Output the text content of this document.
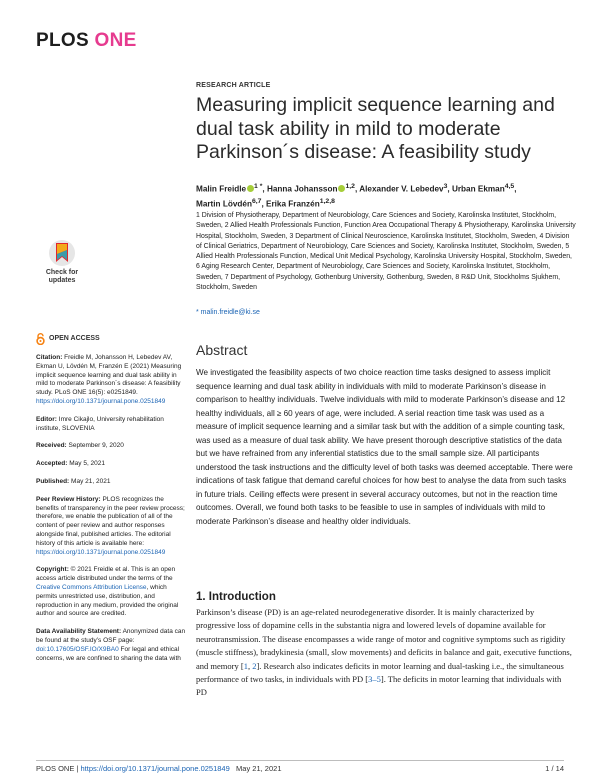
PLOS ONE
Check for updates
OPEN ACCESS

Citation: Freidle M, Johansson H, Lebedev AV, Ekman U, Lövdén M, Franzén E (2021) Measuring implicit sequence learning and dual task ability in mild to moderate Parkinson´s disease: A feasibility study. PLoS ONE 16(5): e0251849. https://doi.org/10.1371/journal.pone.0251849

Editor: Imre Cikajlo, University rehabilitation institute, SLOVENIA

Received: September 9, 2020

Accepted: May 5, 2021

Published: May 21, 2021

Peer Review History: PLOS recognizes the benefits of transparency in the peer review process; therefore, we enable the publication of all of the content of peer review and author responses alongside final, published articles. The editorial history of this article is available here: https://doi.org/10.1371/journal.pone.0251849

Copyright: © 2021 Freidle et al. This is an open access article distributed under the terms of the Creative Commons Attribution License, which permits unrestricted use, distribution, and reproduction in any medium, provided the original author and source are credited.

Data Availability Statement: Anonymized data can be found at the study’s OSF page: doi:10.17605/OSF.IO/X9BA0 For legal and ethical concerns, we are confined to sharing the data with

RESEARCH ARTICLE
Measuring implicit sequence learning and dual task ability in mild to moderate Parkinson´s disease: A feasibility study
Malin Freidle $^{1 *}$, Hanna Johansson $^{1,2}$, Alexander V. Lebedev$^3$, Urban Ekman$^{4,5}$,
Martin Lövdén$^{6,7}$, Erika Franzén$^{1,2,8}$
1 Division of Physiotherapy, Department of Neurobiology, Care Sciences and Society, Karolinska Institutet, Stockholm, Sweden, 2 Allied Health Professionals Function, Function Area Occupational Therapy & Physiotherapy, Karolinska University Hospital, Stockholm, Sweden, 3 Department of Clinical Neuroscience, Karolinska Institutet, Stockholm, Sweden, 4 Division of Clinical Geriatrics, Department of Neurobiology, Care Sciences and Society, Karolinska Institutet, Stockholm, Sweden, 5 Allied Health Professionals Function, Medical Unit Medical Psychology, Karolinska University Hospital, Stockholm, Sweden, 6 Aging Research Center, Department of Neurobiology, Care Sciences and Society, Karolinska Institutet, Stockholm, Sweden, 7 Department of Psychology, Gothenburg University, Gothenburg, Sweden, 8 R&D Unit, Stockholms Sjukhem, Stockholm, Sweden
* malin.freidle@ki.se
Abstract
We investigated the feasibility aspects of two choice reaction time tasks designed to assess implicit sequence learning and dual task ability in individuals with mild to moderate Parkinson’s disease in comparison to healthy individuals. Twelve individuals with mild to moderate Parkinson’s disease and 12 healthy individuals, all ≥ 60 years of age, were included. A serial reaction time task was used as a measure of implicit sequence learning and a similar task but with the addition of a simple counting task, was used as a measure of dual task ability. We have present thorough descriptive statistics of the data but we have refrained from any inferential statistics due to the small sample size. All participants understood the task instructions and the difficulty level of both tasks was deemed acceptable. There were indications of task fatigue that demand careful choices for how best to analyse the data from such tasks in future trials. Ceiling effects were present in several accuracy outcomes, but not in the reaction time outcomes. Overall, we found both tasks to be feasible to use in samples of individuals with mild to moderate Parkinson’s disease and healthy older individuals.
1. Introduction
Parkinson’s disease (PD) is an age-related neurodegenerative disorder. It is mainly characterized by progressive loss of dopamine cells in the substantia nigra and lowered levels of dopamine available for neurotransmission. The disease encompasses a wide range of motor and cognitive symptoms such as rigidity (muscle stiffness), bradykinesia (small, slow movements) and deficits in balance and gait, executive functions, and memory [1, 2]. Research also indicates deficits in motor learning and dual-tasking i.e., the simultaneous performance of two tasks, in individuals with PD [3–5]. The deficits in motor learning that individuals with PD
PLOS ONE | https://doi.org/10.1371/journal.pone.0251849 May 21, 2021	1 / 14
